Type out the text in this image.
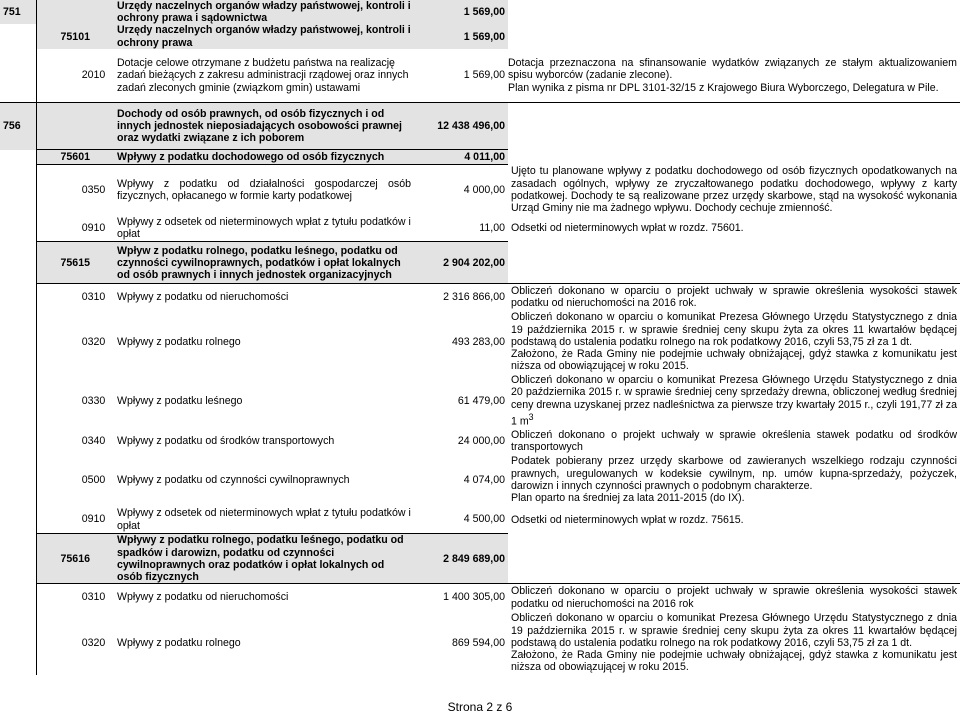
751			Urzędy naczelnych organów władzy państwowej, kontroli i ochrony prawa i sądownictwa	1 569,00	
	75101		Urzędy naczelnych organów władzy państwowej, kontroli i ochrony prawa	1 569,00	
		2010	Dotacje celowe otrzymane z budżetu państwa na realizację zadań bieżących z zakresu administracji rządowej oraz innych zadań zleconych gminie (związkom gmin) ustawami	1 569,00	Dotacja przeznaczona na sfinansowanie wydatków związanych ze stałym aktualizowaniem spisu wyborców (zadanie zlecone).
Plan wynika z pisma nr DPL 3101-32/15 z Krajowego Biura Wyborczego, Delegatura w Pile.

756			Dochody od osób prawnych, od osób fizycznych i od innych jednostek nieposiadających osobowości prawnej oraz wydatki związane z ich poborem	12 438 496,00	
	75601		Wpływy z podatku dochodowego od osób fizycznych	4 011,00	
		0350	Wpływy z podatku od działalności gospodarczej osób fizycznych, opłacanego w formie karty podatkowej	4 000,00	Ujęto tu planowane wpływy z podatku dochodowego od osób fizycznych opodatkowanych na zasadach ogólnych, wpływy ze zryczałtowanego podatku dochodowego, wpływy z karty podatkowej. Dochody te są realizowane przez urzędy skarbowe, stąd na wysokość wykonania Urząd Gminy nie ma żadnego wpływu. Dochody cechuje zmienność.
		0910	Wpływy z odsetek od nieterminowych wpłat z tytułu podatków i opłat	11,00	Odsetki od nieterminowych wpłat w rozdz. 75601.
	75615		Wpływ z podatku rolnego, podatku leśnego, podatku od czynności cywilnoprawnych, podatków i opłat lokalnych od osób prawnych i innych jednostek organizacyjnych	2 904 202,00	
		0310	Wpływy z podatku od nieruchomości	2 316 866,00	Obliczeń dokonano w oparciu o projekt uchwały w sprawie określenia wysokości stawek podatku od nieruchomości na 2016 rok.
		0320	Wpływy z podatku rolnego	493 283,00	Obliczeń dokonano w oparciu o komunikat Prezesa Głównego Urzędu Statystycznego z dnia 19 października 2015 r. w sprawie średniej ceny skupu żyta za okres 11 kwartałów będącej podstawą do ustalenia podatku rolnego na rok podatkowy 2016, czyli 53,75 zł za 1 dt.
Założono, że Rada Gminy nie podejmie uchwały obniżającej, gdyż stawka z komunikatu jest niższa od obowiązującej w roku 2015.

		0330	Wpływy z podatku leśnego	61 479,00	Obliczeń dokonano w oparciu o komunikat Prezesa Głównego Urzędu Statystycznego z dnia 20 października 2015 r. w sprawie średniej ceny sprzedaży drewna, obliczonej według średniej ceny drewna uzyskanej przez nadleśnictwa za pierwsze trzy kwartały 2015 r., czyli 191,77 zł za 1 $m^3$
		0340	Wpływy z podatku od środków transportowych	24 000,00	Obliczeń dokonano o projekt uchwały w sprawie określenia stawek podatku od środków transportowych
		0500	Wpływy z podatku od czynności cywilnoprawnych	4 074,00	Podatek pobierany przez urzędy skarbowe od zawieranych wszelkiego rodzaju czynności prawnych, uregulowanych w kodeksie cywilnym, np. umów kupna-sprzedaży, pożyczek, darowizn i innych czynności prawnych o podobnym charakterze.
Plan oparto na średniej za lata 2011-2015 (do IX).

		0910	Wpływy z odsetek od nieterminowych wpłat z tytułu podatków i opłat	4 500,00	Odsetki od nieterminowych wpłat w rozdz. 75615.
	75616		Wpływy z podatku rolnego, podatku leśnego, podatku od spadków i darowizn, podatku od czynności cywilnoprawnych oraz podatków i opłat lokalnych od osób fizycznych	2 849 689,00	
		0310	Wpływy z podatku od nieruchomości	1 400 305,00	Obliczeń dokonano w oparciu o projekt uchwały w sprawie określenia wysokości stawek podatku od nieruchomości na 2016 rok
		0320	Wpływy z podatku rolnego	869 594,00	Obliczeń dokonano w oparciu o komunikat Prezesa Głównego Urzędu Statystycznego z dnia 19 października 2015 r. w sprawie średniej ceny skupu żyta za okres 11 kwartałów będącej podstawą do ustalenia podatku rolnego na rok podatkowy 2016, czyli 53,75 zł za 1 dt.
Założono, że Rada Gminy nie podejmie uchwały obniżającej, gdyż stawka z komunikatu jest niższa od obowiązującej w roku 2015.
Strona 2 z 6
